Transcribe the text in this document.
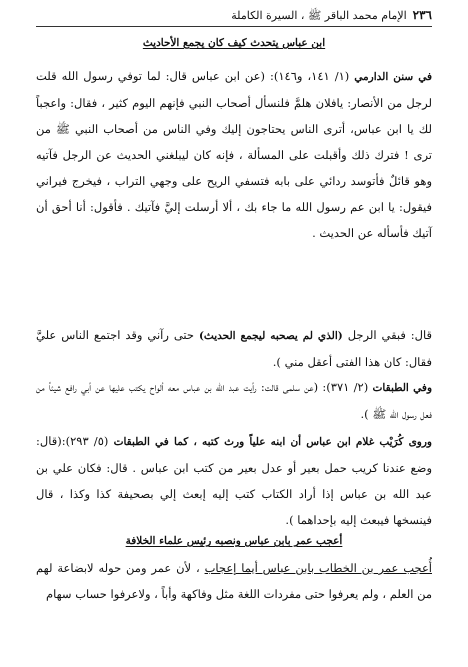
٢٣٦
الإمام محمد الباقر ﷺ ، السيرة الكاملة
ابن عباس يتحدث كيف كان يجمع الأحاديث

في سنن الدارمي (١/ ١٤١، و١٤٦): (عن ابن عباس قال: لما توفي رسول الله قلت لرجل من الأنصار: يافلان هلمَّ فلنسأل أصحاب النبي فإنهم اليوم كثير ، فقال: واعجباً لك يا ابن عباس، أترى الناس يحتاجون إليك وفي الناس من أصحاب النبي ﷺ من ترى ! فترك ذلك وأقبلت على المسألة ، فإنه كان ليبلغني الحديث عن الرجل فآتيه وهو قائلٌ فأتوسد ردائي على بابه فتسفي الريح على وجهي التراب ، فيخرج فيراني فيقول: يا ابن عم رسول الله ما جاء بك ، ألا أرسلت إليَّ فآتيك . فأقول: أنا أحق أن آتيك فأسأله عن الحديث .

قال: فبقي الرجل (الذي لم يصحبه ليجمع الحديث) حتى رآني وقد اجتمع الناس عليَّ فقال: كان هذا الفتى أعقل مني ).

وفي الطبقات (٢/ ٣٧١): (عن سلمى قالت: رأيت عبد الله بن عباس معه ألواح يكتب عليها عن أبي رافع شيئاً من فعل رسول الله ﷺ ).

وروى كُرَيْب غلام ابن عباس أن ابنه علياً ورث كتبه ، كما في الطبقات (٥/ ٢٩٣):(قال: وضع عندنا كريب حمل بعير أو عدل بعير من كتب ابن عباس . قال: فكان علي بن عبد الله بن عباس إذا أراد الكتاب كتب إليه إبعث إلي بصحيفة كذا وكذا ، قال فينسخها فيبعث إليه بإحداهما ).

أعجب عمر بابن عباس ونصبه رئيس علماء الخلافة

أُعجب عمر بن الخطاب بابن عباس أيما إعجاب ، لأن عمر ومن حوله لابضاعة لهم من العلم ، ولم يعرفوا حتى مفردات اللغة مثل وفاكهة وأباً ، ولاعرفوا حساب سهام
